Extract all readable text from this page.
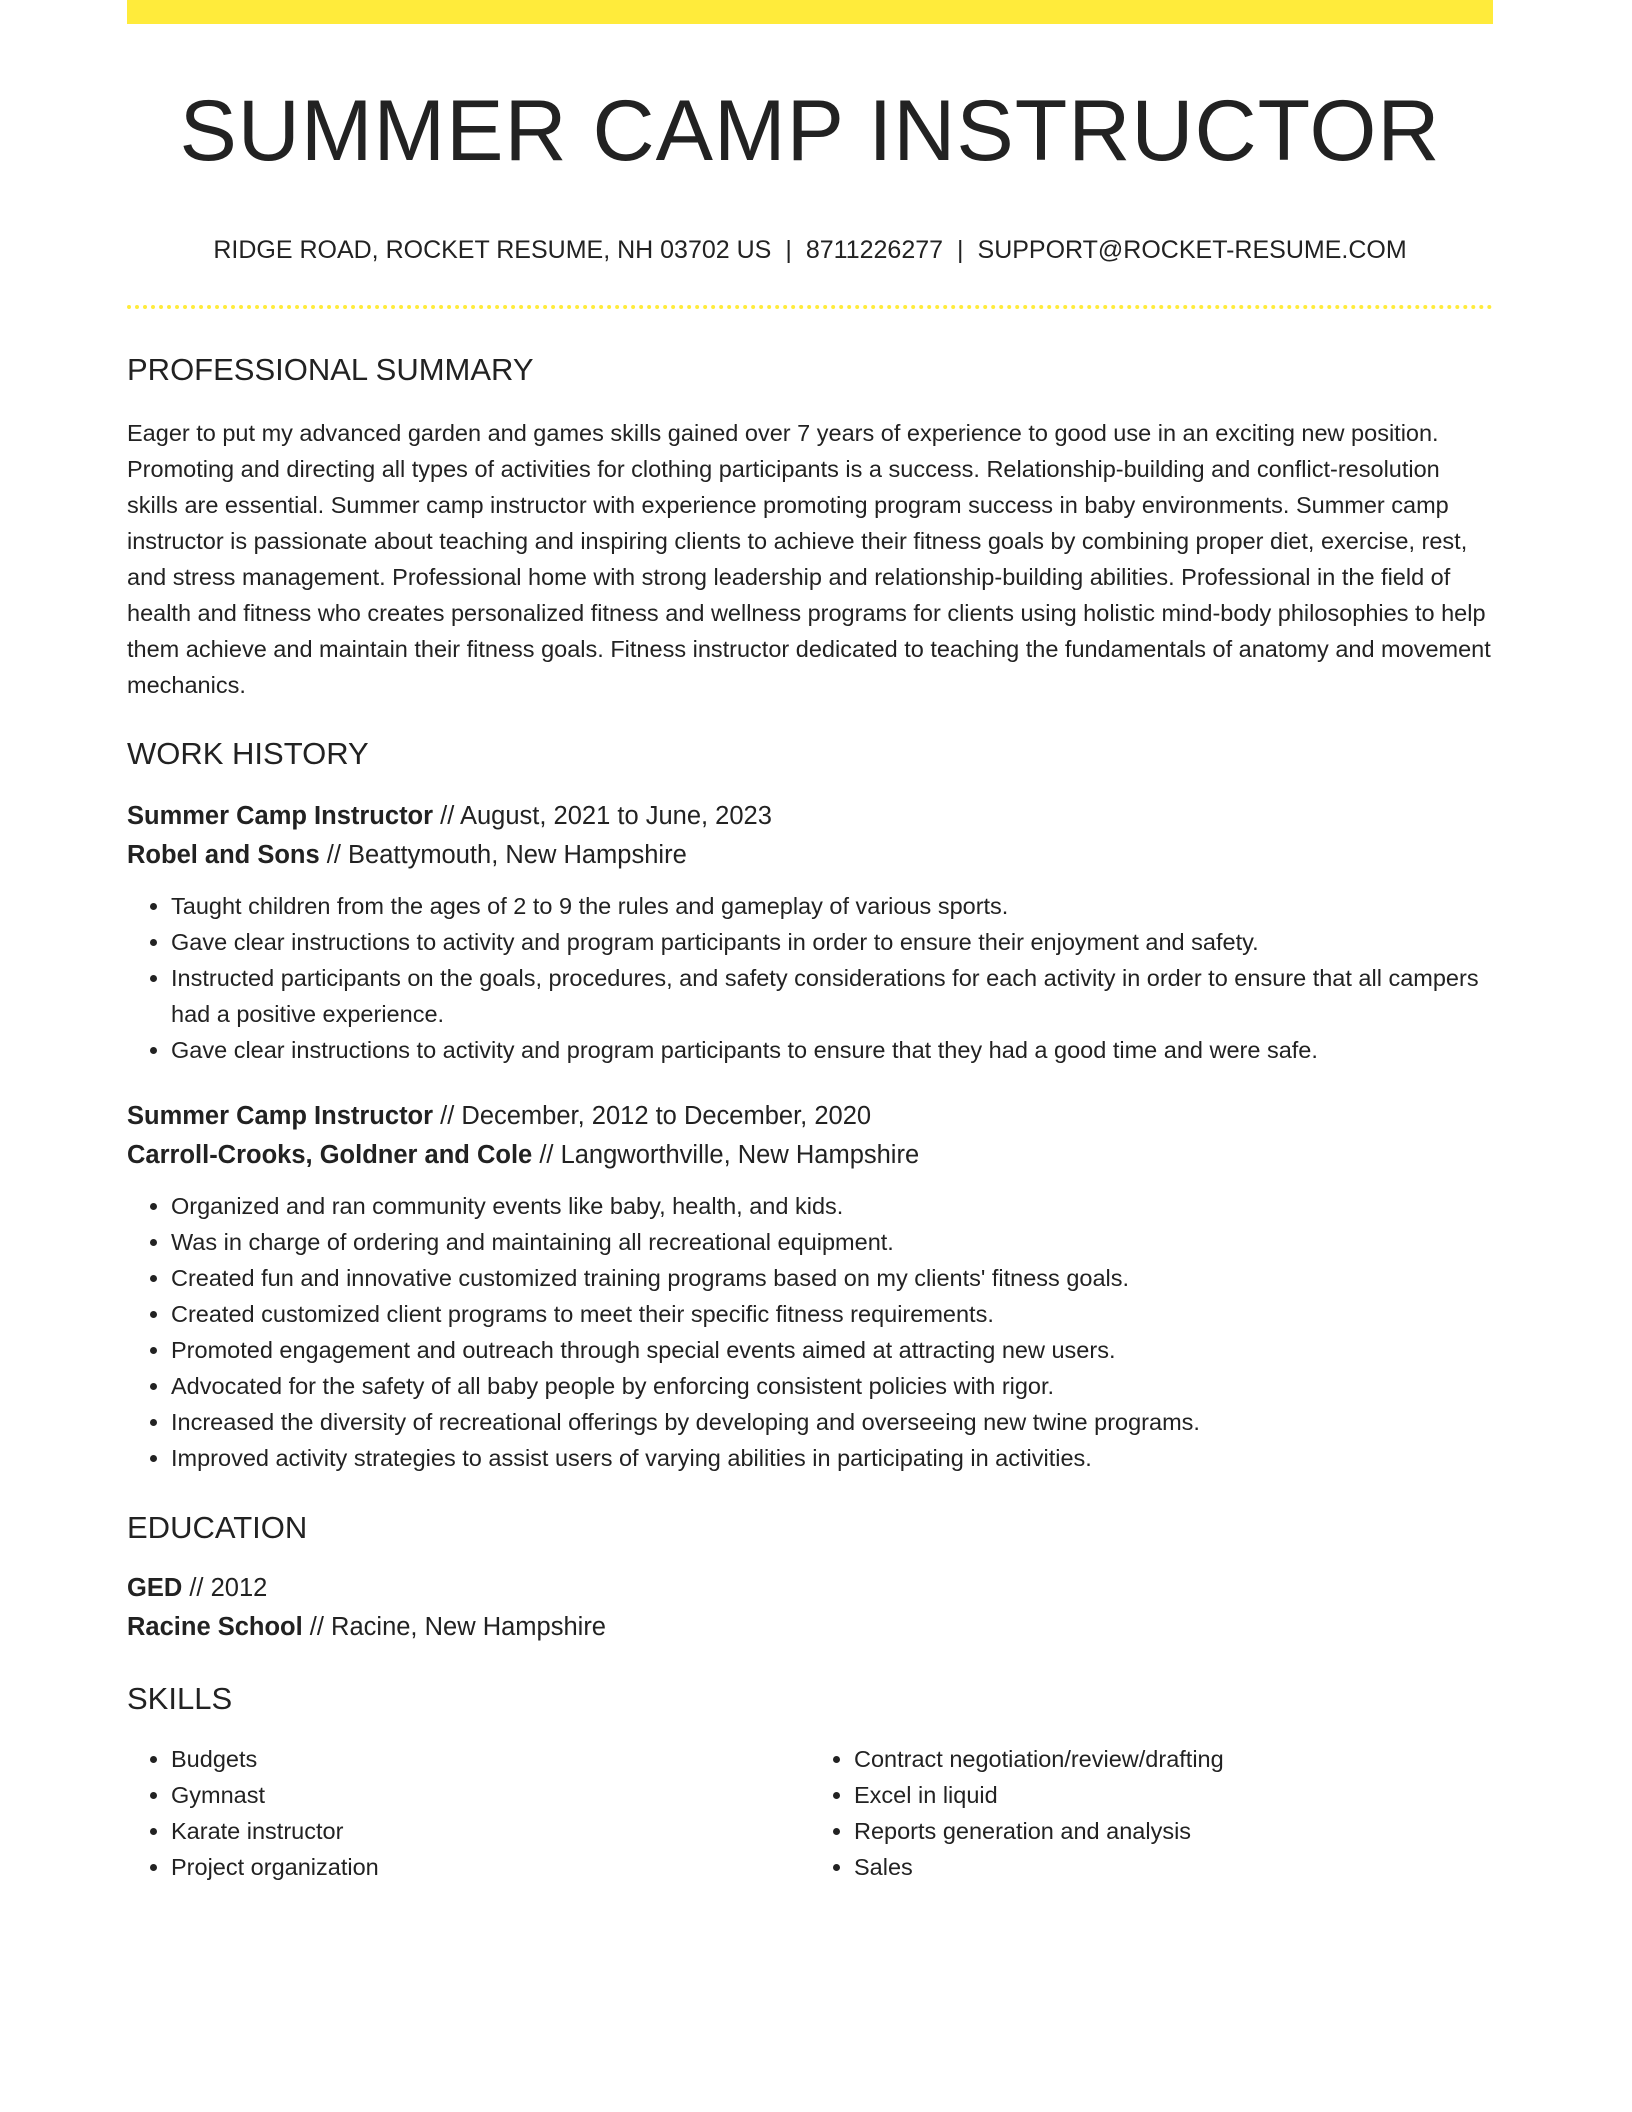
SUMMER CAMP INSTRUCTOR
RIDGE ROAD, ROCKET RESUME, NH 03702 US | 8711226277 | SUPPORT@ROCKET-RESUME.COM
PROFESSIONAL SUMMARY

Eager to put my advanced garden and games skills gained over 7 years of experience to good use in an exciting new position. Promoting and directing all types of activities for clothing participants is a success. Relationship-building and conflict-resolution skills are essential. Summer camp instructor with experience promoting program success in baby environments. Summer camp instructor is passionate about teaching and inspiring clients to achieve their fitness goals by combining proper diet, exercise, rest, and stress management. Professional home with strong leadership and relationship-building abilities. Professional in the field of health and fitness who creates personalized fitness and wellness programs for clients using holistic mind-body philosophies to help them achieve and maintain their fitness goals. Fitness instructor dedicated to teaching the fundamentals of anatomy and movement mechanics.

WORK HISTORY
Summer Camp Instructor // August, 2021 to June, 2023
Robel and Sons // Beattymouth, New Hampshire
• Taught children from the ages of 2 to 9 the rules and gameplay of various sports.
• Gave clear instructions to activity and program participants in order to ensure their enjoyment and safety.
• Instructed participants on the goals, procedures, and safety considerations for each activity in order to ensure that all campers had a positive experience.
• Gave clear instructions to activity and program participants to ensure that they had a good time and were safe.
Summer Camp Instructor // December, 2012 to December, 2020
Carroll-Crooks, Goldner and Cole // Langworthville, New Hampshire
• Organized and ran community events like baby, health, and kids.
• Was in charge of ordering and maintaining all recreational equipment.
• Created fun and innovative customized training programs based on my clients' fitness goals.
• Created customized client programs to meet their specific fitness requirements.
• Promoted engagement and outreach through special events aimed at attracting new users.
• Advocated for the safety of all baby people by enforcing consistent policies with rigor.
• Increased the diversity of recreational offerings by developing and overseeing new twine programs.
• Improved activity strategies to assist users of varying abilities in participating in activities.
EDUCATION
GED // 2012
Racine School // Racine, New Hampshire
SKILLS
• Budgets
• Gymnast
• Karate instructor
• Project organization
• Contract negotiation/review/drafting
• Excel in liquid
• Reports generation and analysis
• Sales
